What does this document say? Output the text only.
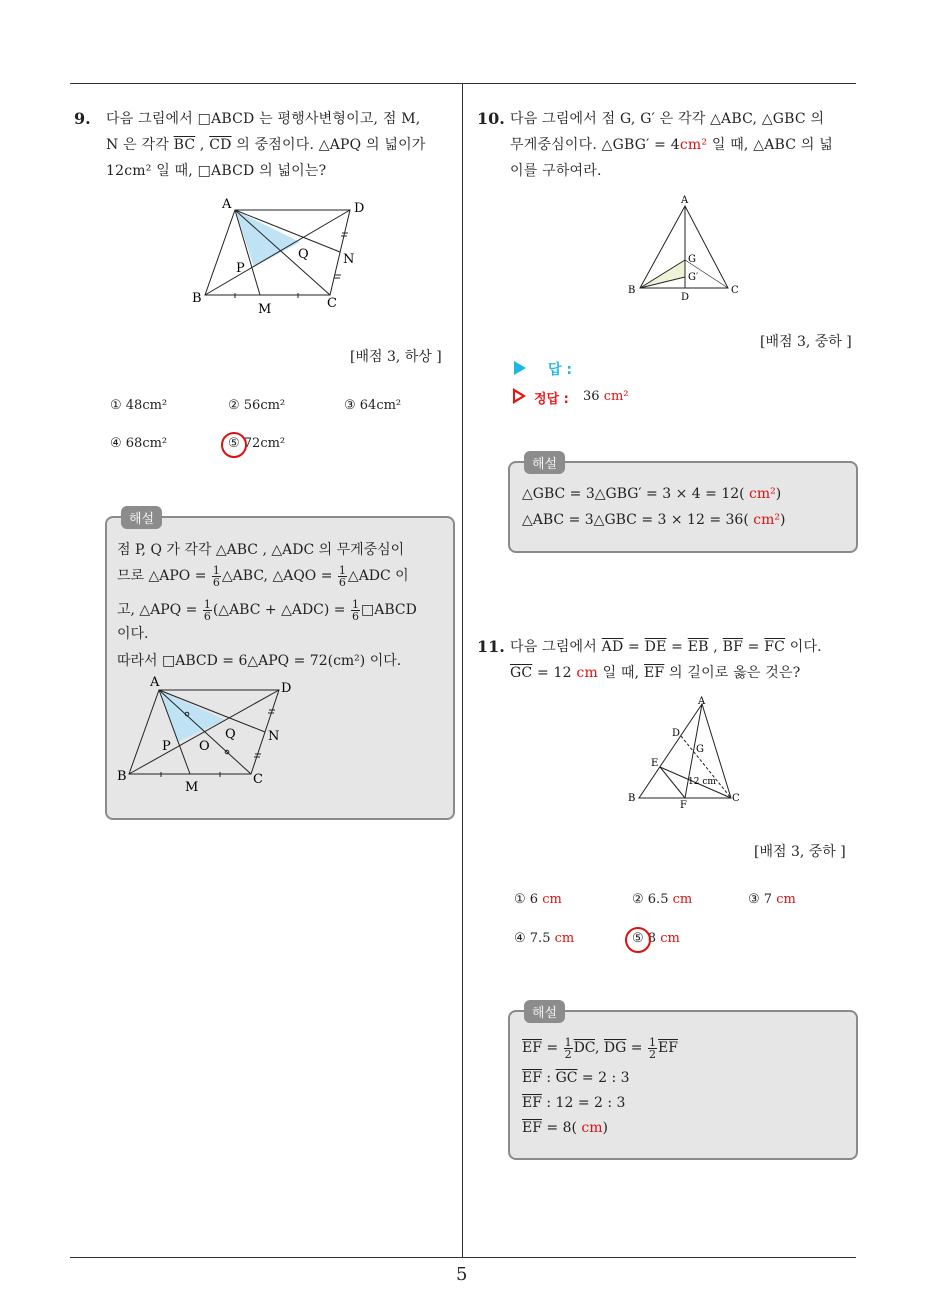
5
9. 다음 그림에서 □ABCD 는 평행사변형이고, 점 M,
N 은 각각 $\overline{BC}$ , $\overline{CD}$ 의 중점이다. △APQ 의 넓이가
12cm² 일 때, □ABCD 의 넓이는?
A	D
N
Q
P
B
M	C
[배점 3, 하상 ]
① 48cm²	② 56cm²	③ 64cm²
④ 68cm²	⑤ 72cm²
해설
점 P, Q 가 각각 △ABC , △ADC 의 무게중심이
므로 △APO = $\frac{1}{6}$ △ABC, △AQO = $\frac{1}{6}$ △ADC 이
고, △APQ = $\frac{1}{6}$ (△ABC + △ADC) = $\frac{1}{6}$ □ABCD
이다.
따라서 □ABCD = 6△APQ = 72(cm²) 이다.
A	D
N
Q
O
P
B
M
C
10. 다음 그림에서 점 G, G′ 은 각각 △ABC, △GBC 의
무게중심이다. △GBG′ = 4cm² 일 때, △ABC 의 넓
이를 구하여라.
A
G
G′
B
D
C
[배점 3, 중하 ]
답 :
정답 : 36 cm²
해설
△GBC = 3△GBG′ = 3 × 4 = 12( cm²)
△ABC = 3△GBC = 3 × 12 = 36( cm²)
11. 다음 그림에서 $\overline{AD} = \overline{DE} = \overline{EB}$ , $\overline{BF} = \overline{FC}$ 이다.
$\overline{GC} = 12$ cm 일 때, $\overline{EF}$ 의 길이로 옳은 것은?
A
D
G
E
12 cm
B
F
C
[배점 3, 중하 ]
① 6 cm	② 6.5 cm	③ 7 cm
④ 7.5 cm	⑤ 8 cm
해설
$\overline{EF} = \frac{1}{2} \overline{DC}$, $\overline{DG} = \frac{1}{2} \overline{EF}$
$\overline{EF}$ : $\overline{GC} = 2$ : 3
$\overline{EF}$ : 12 = 2 : 3
$\overline{EF} = 8$( cm)
